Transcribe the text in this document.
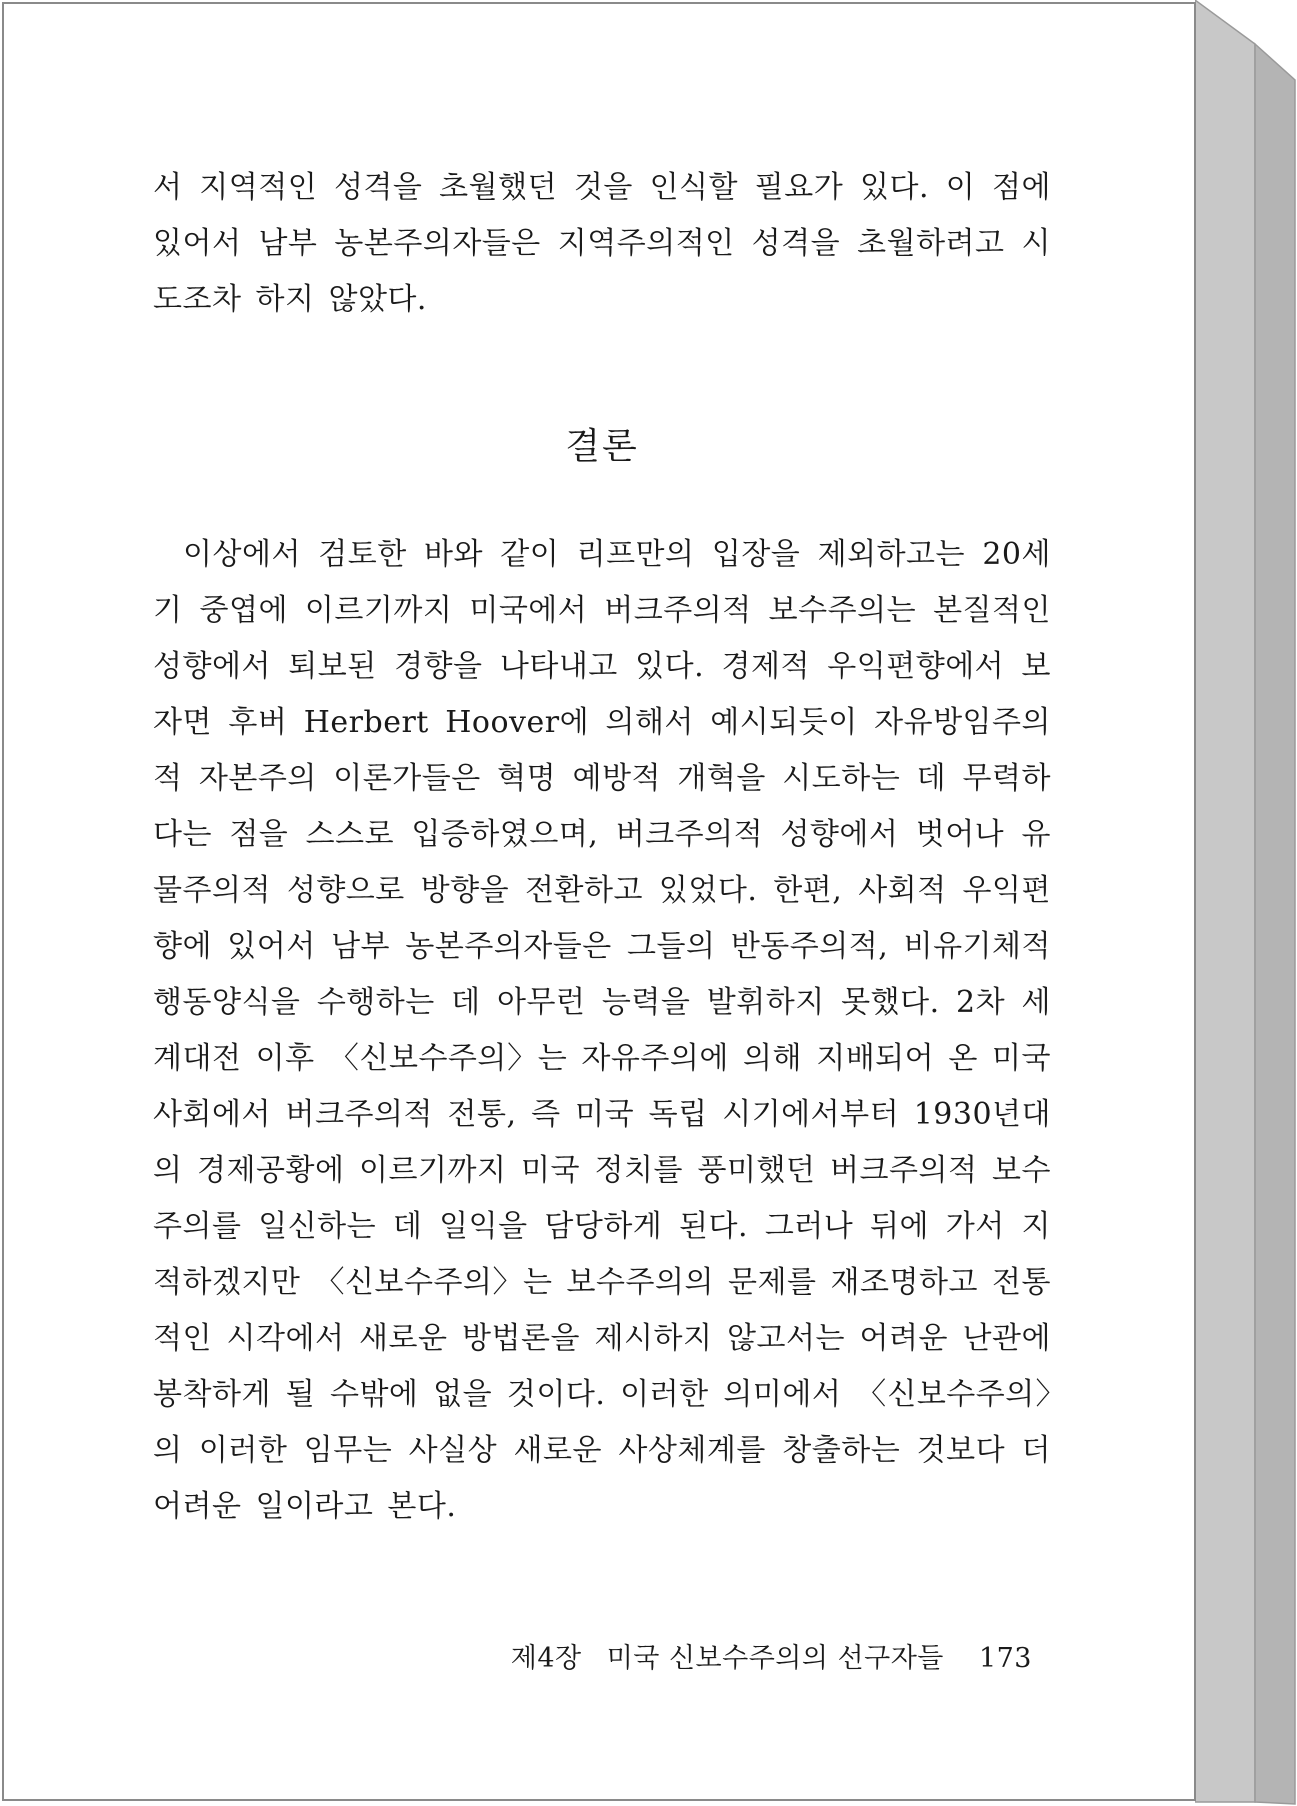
서 지역적인 성격을 초월했던 것을 인식할 필요가 있다. 이 점에 있어서 남부 농본주의자들은 지역주의적인 성격을 초월하려고 시도조차 하지 않았다.
결론
이상에서 검토한 바와 같이 리프만의 입장을 제외하고는 20세기 중엽에 이르기까지 미국에서 버크주의적 보수주의는 본질적인 성향에서 퇴보된 경향을 나타내고 있다. 경제적 우익편향에서 보자면 후버 Herbert Hoover에 의해서 예시되듯이 자유방임주의적 자본주의 이론가들은 혁명 예방적 개혁을 시도하는 데 무력하다는 점을 스스로 입증하였으며, 버크주의적 성향에서 벗어나 유물주의적 성향으로 방향을 전환하고 있었다. 한편, 사회적 우익편향에 있어서 남부 농본주의자들은 그들의 반동주의적, 비유기체적 행동양식을 수행하는 데 아무런 능력을 발휘하지 못했다. 2차 세계대전 이후 〈신보수주의〉는 자유주의에 의해 지배되어 온 미국 사회에서 버크주의적 전통, 즉 미국 독립 시기에서부터 1930년대의 경제공황에 이르기까지 미국 정치를 풍미했던 버크주의적 보수주의를 일신하는 데 일익을 담당하게 된다. 그러나 뒤에 가서 지적하겠지만 〈신보수주의〉는 보수주의의 문제를 재조명하고 전통적인 시각에서 새로운 방법론을 제시하지 않고서는 어려운 난관에 봉착하게 될 수밖에 없을 것이다. 이러한 의미에서 〈신보수주의〉의 이러한 임무는 사실상 새로운 사상체계를 창출하는 것보다 더 어려운 일이라고 본다.
제4장 미국 신보수주의의 선구자들 173
